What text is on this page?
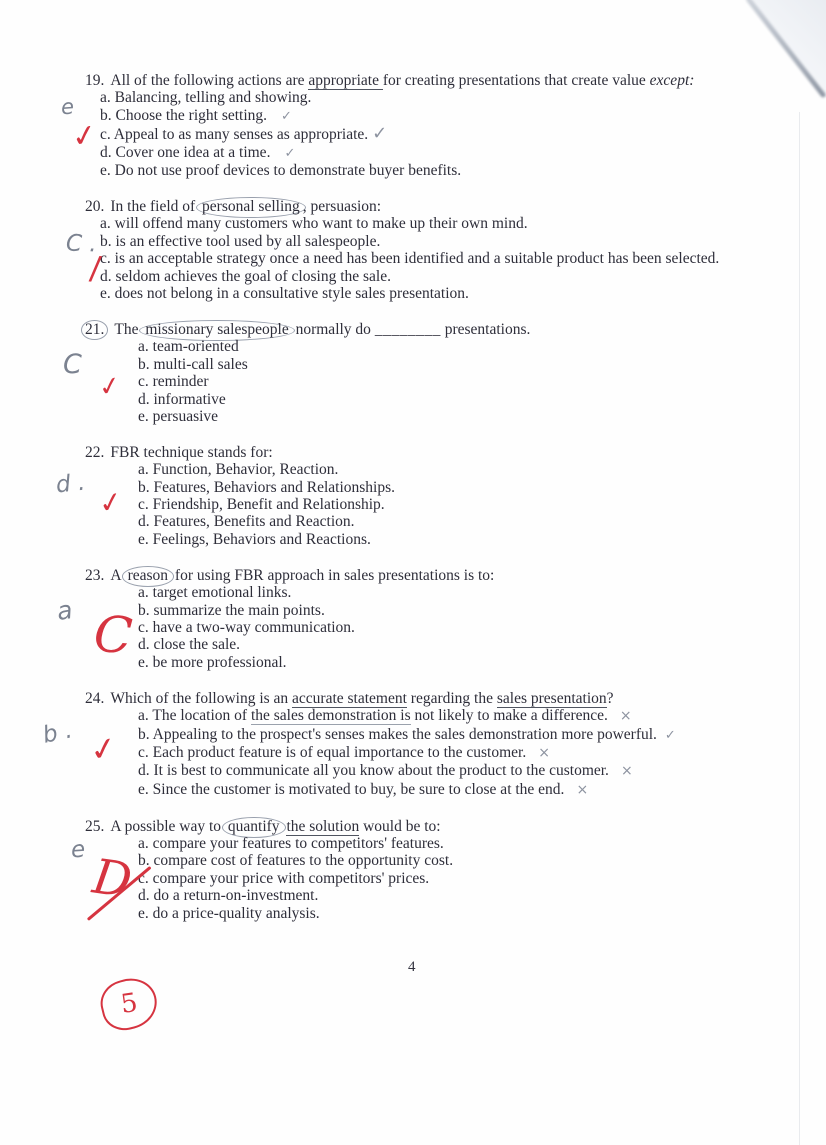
19. All of the following actions are appropriate for creating presentations that create value except:
a. Balancing, telling and showing.
b. Choose the right setting. ✓
c. Appeal to as many senses as appropriate. ✓
d. Cover one idea at a time. ✓
e. Do not use proof devices to demonstrate buyer benefits.
20. In the field of personal selling , persuasion:
a. will offend many customers who want to make up their own mind.
b. is an effective tool used by all salespeople.
c. is an acceptable strategy once a need has been identified and a suitable product has been selected.
d. seldom achieves the goal of closing the sale.
e. does not belong in a consultative style sales presentation.
21. The missionary salespeople normally do ________ presentations.
a. team-oriented
b. multi-call sales
c. reminder
d. informative
e. persuasive
22. FBR technique stands for:
a. Function, Behavior, Reaction.
b. Features, Behaviors and Relationships.
c. Friendship, Benefit and Relationship.
d. Features, Benefits and Reaction.
e. Feelings, Behaviors and Reactions.
23. A reason for using FBR approach in sales presentations is to:
a. target emotional links.
b. summarize the main points.
c. have a two-way communication.
d. close the sale.
e. be more professional.
24. Which of the following is an accurate statement regarding the sales presentation?
a. The location of the sales demonstration is not likely to make a difference. ×
b. Appealing to the prospect's senses makes the sales demonstration more powerful. ✓
c. Each product feature is of equal importance to the customer. ×
d. It is best to communicate all you know about the product to the customer. ×
e. Since the customer is motivated to buy, be sure to close at the end. ×
25. A possible way to quantify the solution would be to:
a. compare your features to competitors' features.
b. compare cost of features to the opportunity cost.
c. compare your price with competitors' prices.
d. do a return-on-investment.
e. do a price-quality analysis.
e
✓
C .
/
C
✓
d .
✓
a C
b . ✓
e D
5
4
